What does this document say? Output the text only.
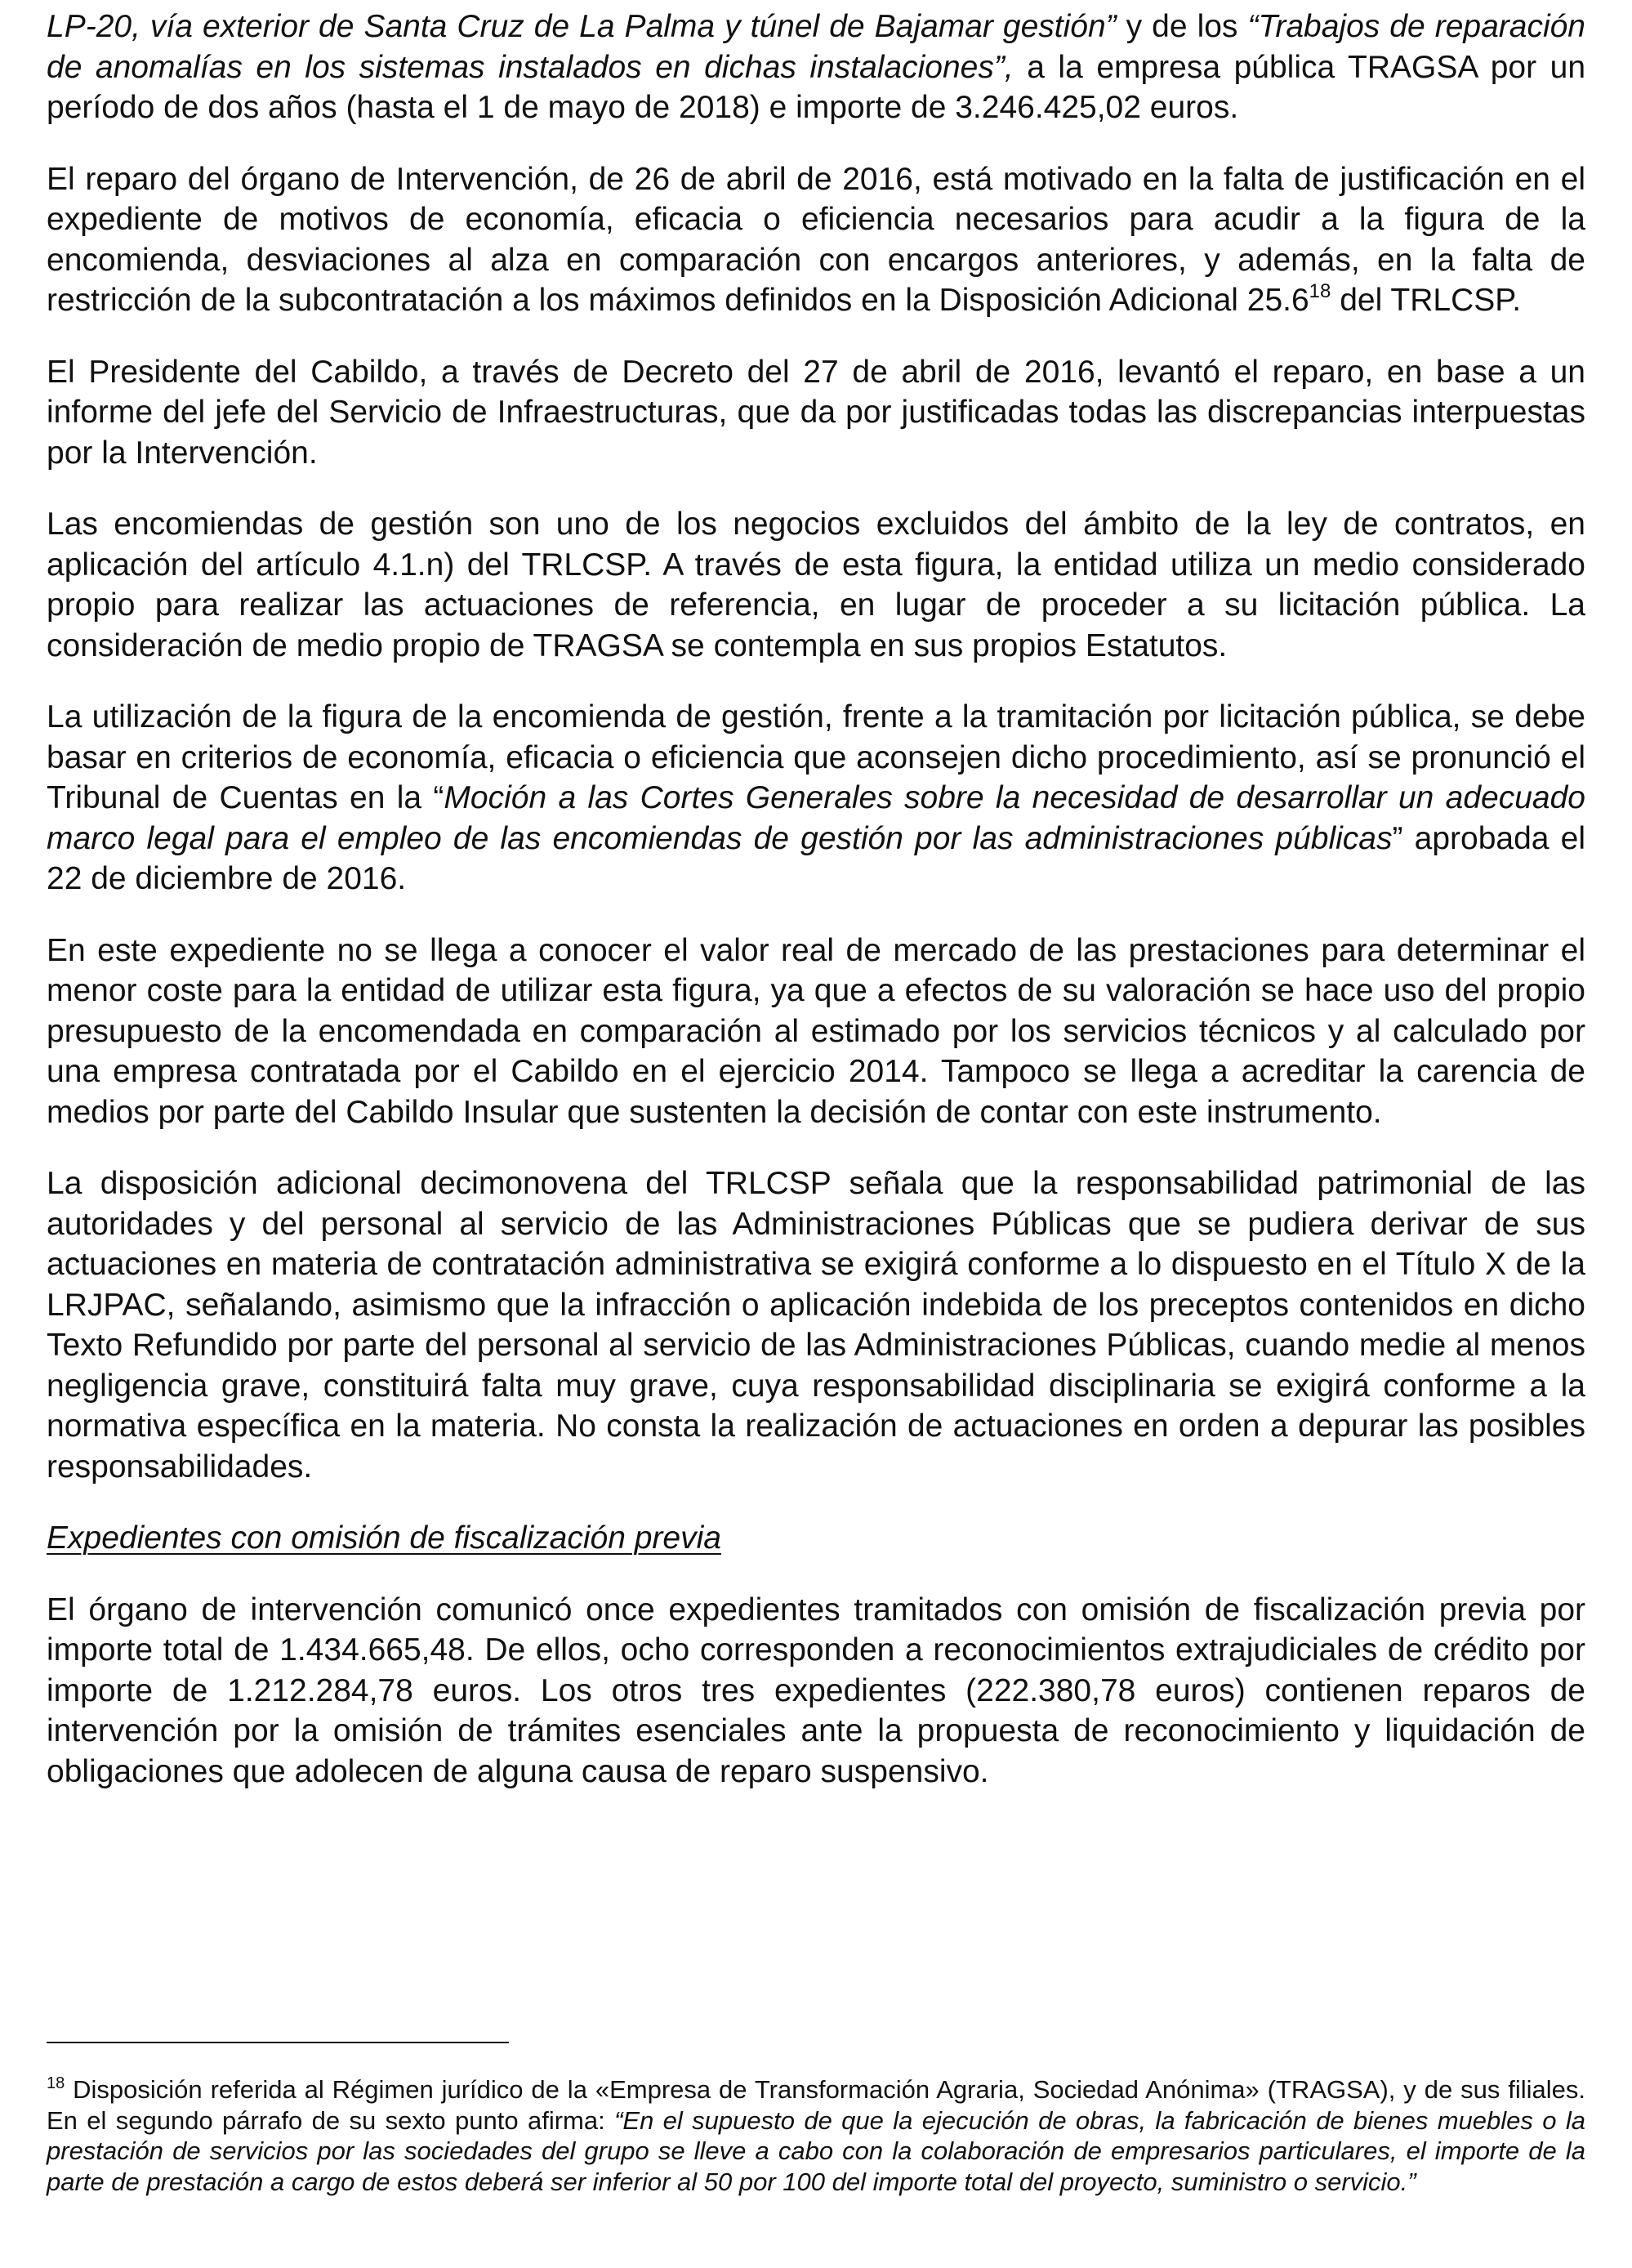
LP-20, vía exterior de Santa Cruz de La Palma y túnel de Bajamar gestión” y de los “Trabajos de reparación de anomalías en los sistemas instalados en dichas instalaciones”, a la empresa pública TRAGSA por un período de dos años (hasta el 1 de mayo de 2018) e importe de 3.246.425,02 euros.

El reparo del órgano de Intervención, de 26 de abril de 2016, está motivado en la falta de justificación en el expediente de motivos de economía, eficacia o eficiencia necesarios para acudir a la figura de la encomienda, desviaciones al alza en comparación con encargos anteriores, y además, en la falta de restricción de la subcontratación a los máximos definidos en la Disposición Adicional 25.6$^{18}$ del TRLCSP.

El Presidente del Cabildo, a través de Decreto del 27 de abril de 2016, levantó el reparo, en base a un informe del jefe del Servicio de Infraestructuras, que da por justificadas todas las discrepancias interpuestas por la Intervención.

Las encomiendas de gestión son uno de los negocios excluidos del ámbito de la ley de contratos, en aplicación del artículo 4.1.n) del TRLCSP. A través de esta figura, la entidad utiliza un medio considerado propio para realizar las actuaciones de referencia, en lugar de proceder a su licitación pública. La consideración de medio propio de TRAGSA se contempla en sus propios Estatutos.

La utilización de la figura de la encomienda de gestión, frente a la tramitación por licitación pública, se debe basar en criterios de economía, eficacia o eficiencia que aconsejen dicho procedimiento, así se pronunció el Tribunal de Cuentas en la “Moción a las Cortes Generales sobre la necesidad de desarrollar un adecuado marco legal para el empleo de las encomiendas de gestión por las administraciones públicas” aprobada el 22 de diciembre de 2016.

En este expediente no se llega a conocer el valor real de mercado de las prestaciones para determinar el menor coste para la entidad de utilizar esta figura, ya que a efectos de su valoración se hace uso del propio presupuesto de la encomendada en comparación al estimado por los servicios técnicos y al calculado por una empresa contratada por el Cabildo en el ejercicio 2014. Tampoco se llega a acreditar la carencia de medios por parte del Cabildo Insular que sustenten la decisión de contar con este instrumento.

La disposición adicional decimonovena del TRLCSP señala que la responsabilidad patrimonial de las autoridades y del personal al servicio de las Administraciones Públicas que se pudiera derivar de sus actuaciones en materia de contratación administrativa se exigirá conforme a lo dispuesto en el Título X de la LRJPAC, señalando, asimismo que la infracción o aplicación indebida de los preceptos contenidos en dicho Texto Refundido por parte del personal al servicio de las Administraciones Públicas, cuando medie al menos negligencia grave, constituirá falta muy grave, cuya responsabilidad disciplinaria se exigirá conforme a la normativa específica en la materia. No consta la realización de actuaciones en orden a depurar las posibles responsabilidades.

Expedientes con omisión de fiscalización previa

El órgano de intervención comunicó once expedientes tramitados con omisión de fiscalización previa por importe total de 1.434.665,48. De ellos, ocho corresponden a reconocimientos extrajudiciales de crédito por importe de 1.212.284,78 euros. Los otros tres expedientes (222.380,78 euros) contienen reparos de intervención por la omisión de trámites esenciales ante la propuesta de reconocimiento y liquidación de obligaciones que adolecen de alguna causa de reparo suspensivo.

$^{18}$ Disposición referida al Régimen jurídico de la «Empresa de Transformación Agraria, Sociedad Anónima» (TRAGSA), y de sus filiales. En el segundo párrafo de su sexto punto afirma: “En el supuesto de que la ejecución de obras, la fabricación de bienes muebles o la prestación de servicios por las sociedades del grupo se lleve a cabo con la colaboración de empresarios particulares, el importe de la parte de prestación a cargo de estos deberá ser inferior al 50 por 100 del importe total del proyecto, suministro o servicio.”
